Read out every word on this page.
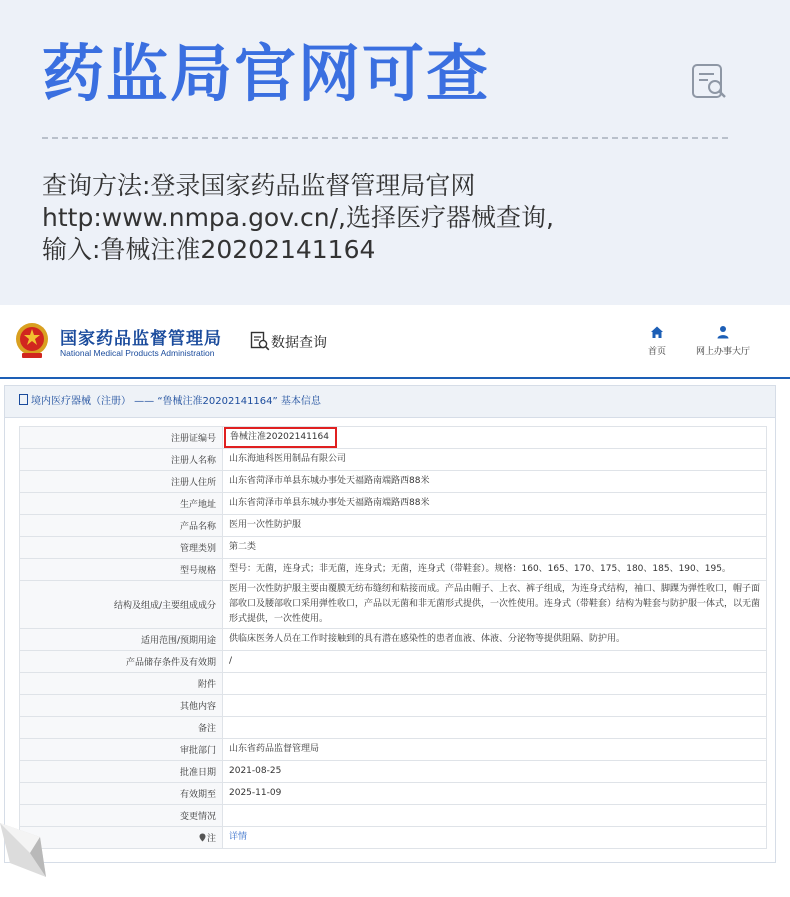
药监局官网可查
查询方法:登录国家药品监督管理局官网
http:www.nmpa.gov.cn/,选择医疗器械查询,
输入:鲁械注准20202141164
国家药品监督管理局
National Medical Products Administration
数据查询
首页	网上办事大厅
境内医疗器械（注册） —— “鲁械注准20202141164” 基本信息
注册证编号	鲁械注准20202141164
注册人名称	山东海迪科医用制品有限公司
注册人住所	山东省菏泽市单县东城办事处天福路南端路西88米
生产地址	山东省菏泽市单县东城办事处天福路南端路西88米
产品名称	医用一次性防护服
管理类别	第二类
型号规格	型号：无菌，连身式；非无菌，连身式；无菌，连身式（带鞋套）。规格：160、165、170、175、180、185、190、195。
结构及组成/主要组成成分	医用一次性防护服主要由覆膜无纺布缝纫和粘接而成。产品由帽子、上衣、裤子组成，为连身式结构，袖口、脚踝为弹性收口，帽子面部收口及腰部收口采用弹性收口，产品以无菌和非无菌形式提供，一次性使用。连身式（带鞋套）结构为鞋套与防护服一体式，以无菌形式提供，一次性使用。
适用范围/预期用途	供临床医务人员在工作时接触到的具有潜在感染性的患者血液、体液、分泌物等提供阻隔、防护用。
产品储存条件及有效期	/
附件	
其他内容	
备注	
审批部门	山东省药品监督管理局
批准日期	2021-08-25
有效期至	2025-11-09
变更情况	
注	详情
